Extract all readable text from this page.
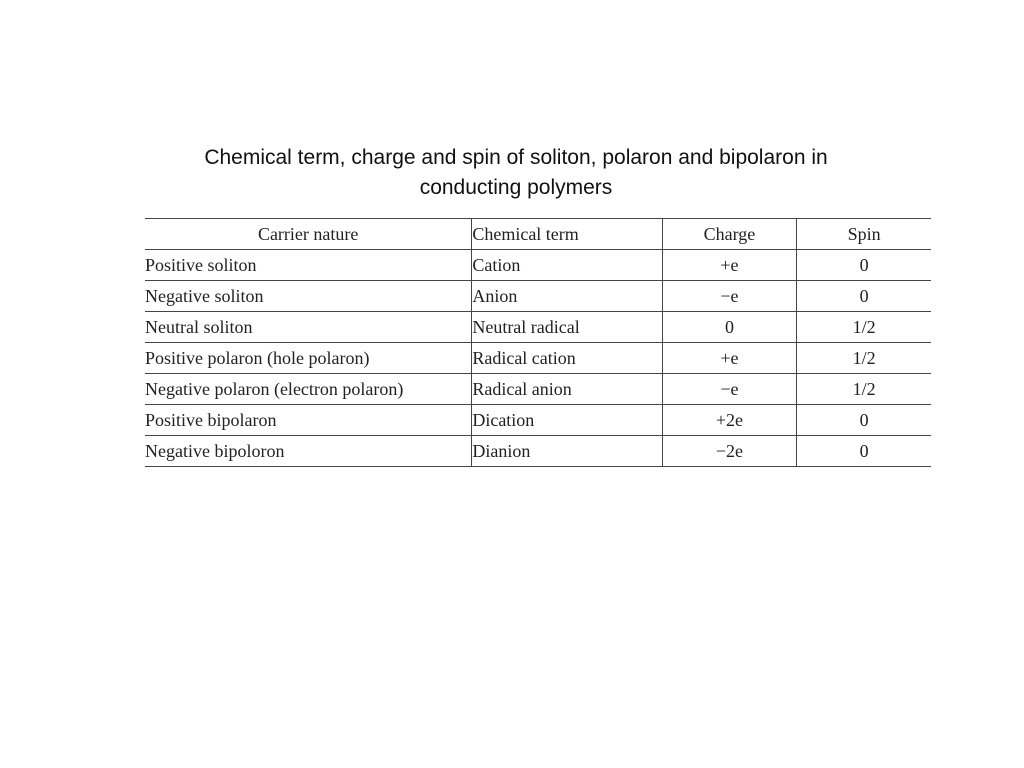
Chemical term, charge and spin of soliton, polaron and bipolaron in
conducting polymers
Carrier nature	Chemical term	Charge	Spin
Positive soliton	Cation	+e	0
Negative soliton	Anion	−e	0
Neutral soliton	Neutral radical	0	1/2
Positive polaron (hole polaron)	Radical cation	+e	1/2
Negative polaron (electron polaron)	Radical anion	−e	1/2
Positive bipolaron	Dication	+2e	0
Negative bipoloron	Dianion	−2e	0
